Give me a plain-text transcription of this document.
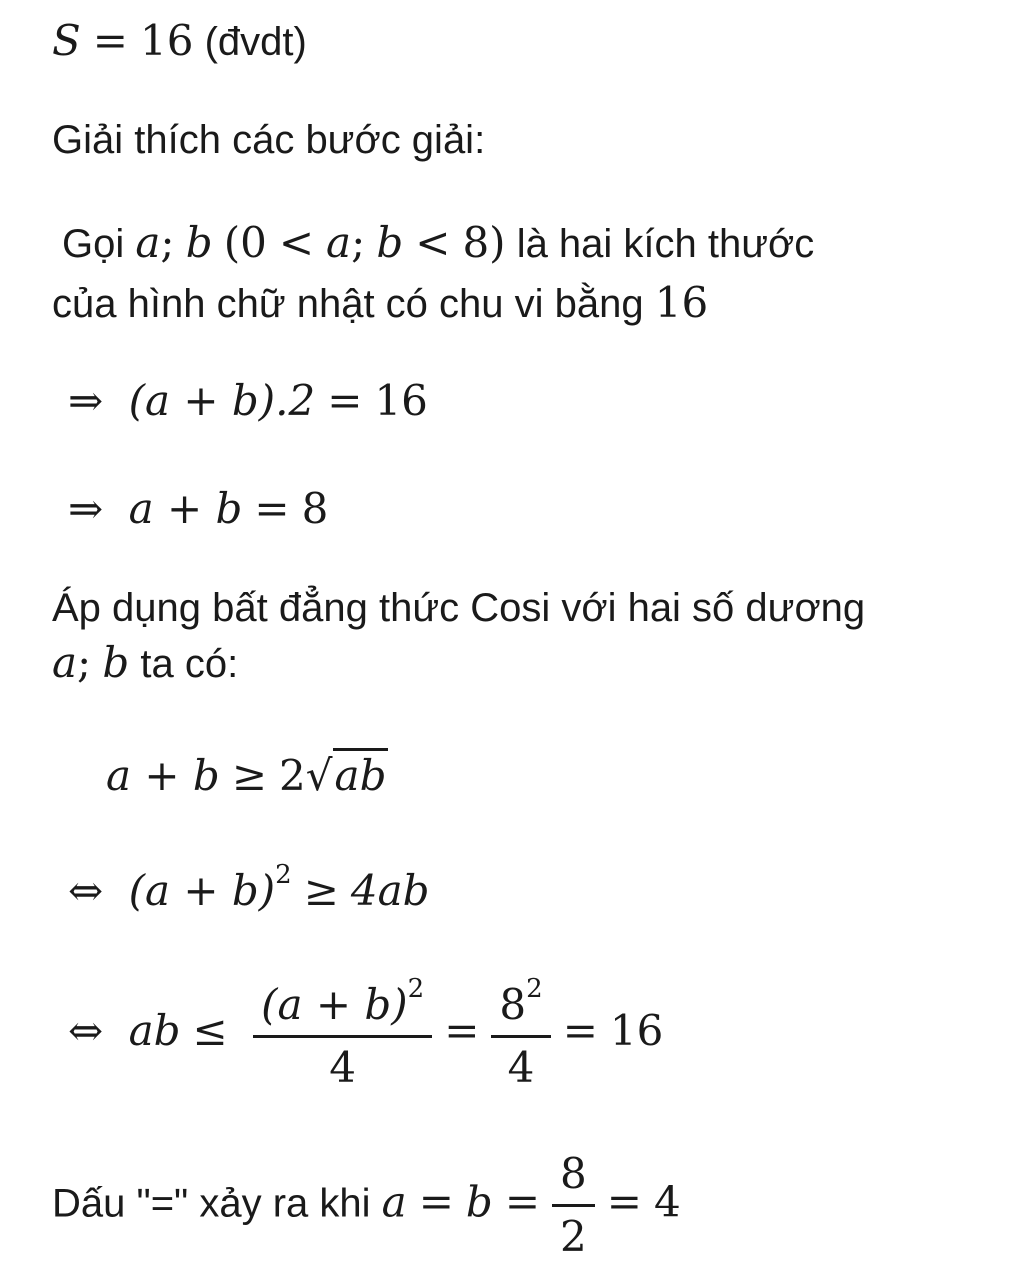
S = 16 (đvdt)
Giải thích các bước giải:
Gọi a; b (0 < a; b < 8) là hai kích thước
của hình chữ nhật có chu vi bằng 16
⇒ (a + b).2 = 16
⇒ a + b = 8
Áp dụng bất đẳng thức Cosi với hai số dương
a; b ta có:
a + b ≥ 2√ab
⇔ $(a + b)^2 \ge 4ab$
⇔ ab ≤ $\frac{(a + b)^2}{4} = \frac{8^2}{4} = 16$
Dấu "=" xảy ra khi $a = b = \frac{8}{2} = 4$
